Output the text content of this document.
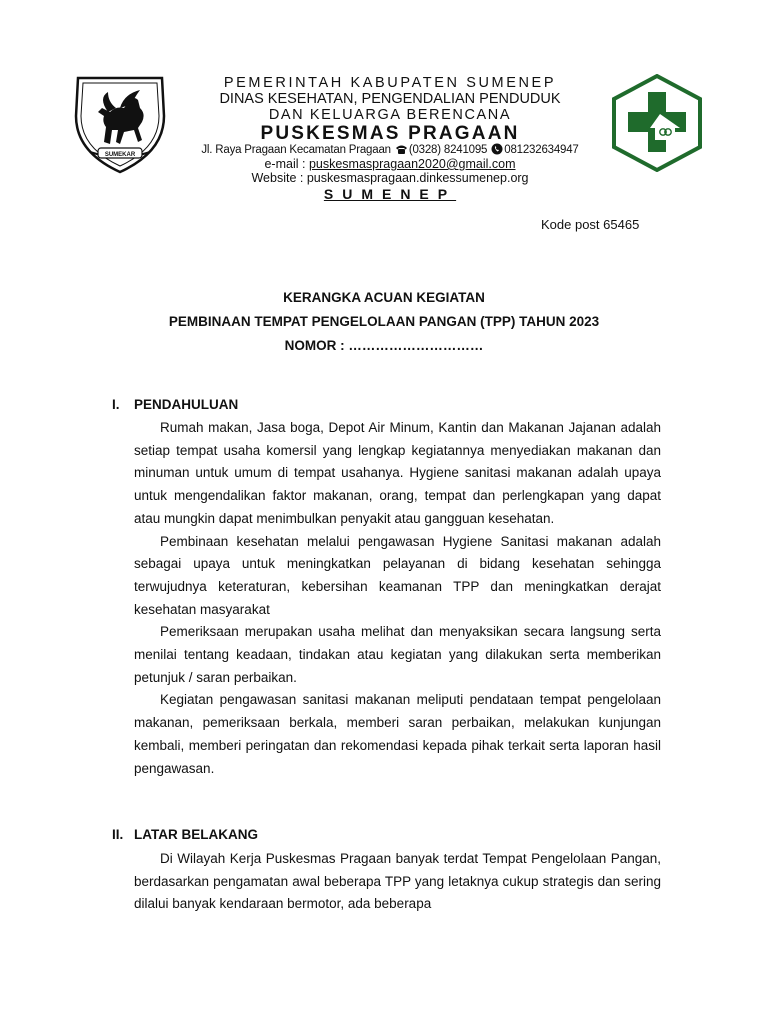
SUMEKAR
PEMERINTAH KABUPATEN SUMENEP
DINAS KESEHATAN, PENGENDALIAN PENDUDUK
DAN KELUARGA BERENCANA
PUSKESMAS PRAGAAN
Jl. Raya Pragaan Kecamatan Pragaan (0328) 8241095 081232634947
e-mail : puskesmaspragaan2020@gmail.com
Website : puskesmaspragaan.dinkessumenep.org
SUMENEP
Kode post 65465
KERANGKA ACUAN KEGIATAN
PEMBINAAN TEMPAT PENGELOLAAN PANGAN (TPP) TAHUN 2023
NOMOR : …………………………
I. PENDAHULUAN

Rumah makan, Jasa boga, Depot Air Minum, Kantin dan Makanan Jajanan adalah setiap tempat usaha komersil yang lengkap kegiatannya menyediakan makanan dan minuman untuk umum di tempat usahanya. Hygiene sanitasi makanan adalah upaya untuk mengendalikan faktor makanan, orang, tempat dan perlengkapan yang dapat atau mungkin dapat menimbulkan penyakit atau gangguan kesehatan.

Pembinaan kesehatan melalui pengawasan Hygiene Sanitasi makanan adalah sebagai upaya untuk meningkatkan pelayanan di bidang kesehatan sehingga terwujudnya keteraturan, kebersihan keamanan TPP dan meningkatkan derajat kesehatan masyarakat

Pemeriksaan merupakan usaha melihat dan menyaksikan secara langsung serta menilai tentang keadaan, tindakan atau kegiatan yang dilakukan serta memberikan petunjuk / saran perbaikan.

Kegiatan pengawasan sanitasi makanan meliputi pendataan tempat pengelolaan makanan, pemeriksaan berkala, memberi saran perbaikan, melakukan kunjungan kembali, memberi peringatan dan rekomendasi kepada pihak terkait serta laporan hasil pengawasan.

II. LATAR BELAKANG

Di Wilayah Kerja Puskesmas Pragaan banyak terdat Tempat Pengelolaan Pangan, berdasarkan pengamatan awal beberapa TPP yang letaknya cukup strategis dan sering dilalui banyak kendaraan bermotor, ada beberapa
